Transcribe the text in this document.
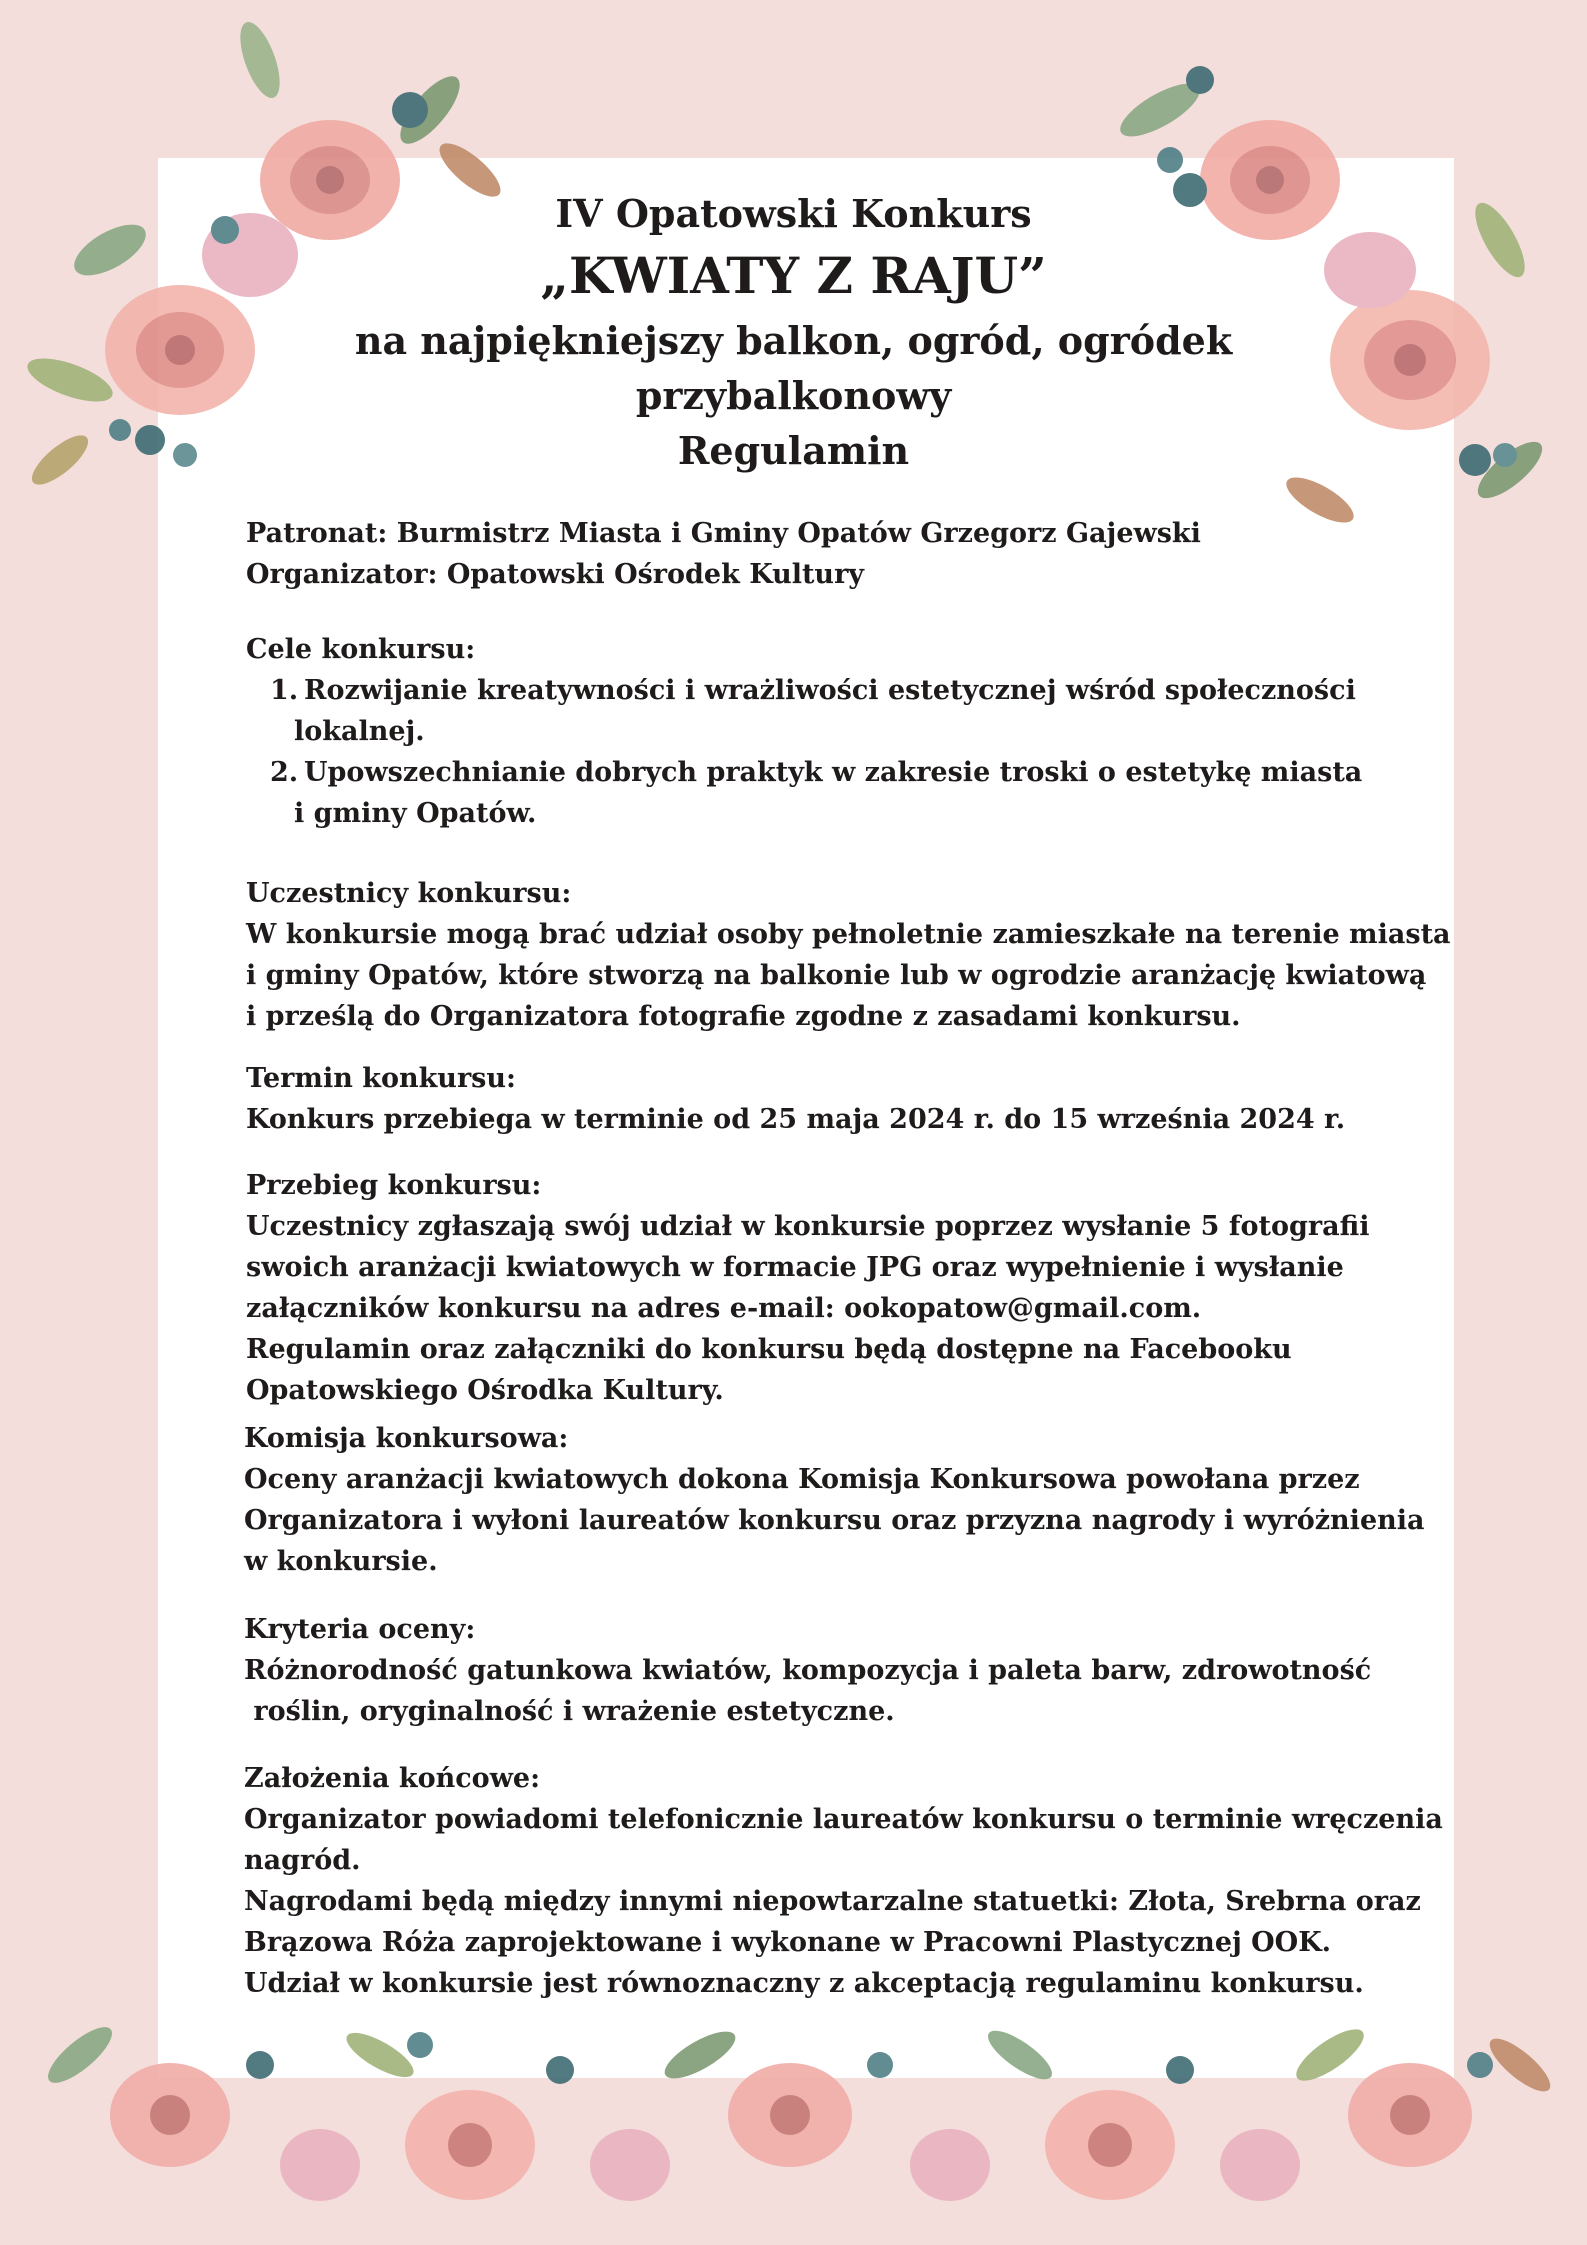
IV Opatowski Konkurs
„KWIATY Z RAJU”
na najpiękniejszy balkon, ogród, ogródek
przybalkonowy
Regulamin
Patronat: Burmistrz Miasta i Gminy Opatów Grzegorz Gajewski
Organizator: Opatowski Ośrodek Kultury
Cele konkursu:
1. Rozwijanie kreatywności i wrażliwości estetycznej wśród społeczności
lokalnej.
2. Upowszechnianie dobrych praktyk w zakresie troski o estetykę miasta
i gminy Opatów.
Uczestnicy konkursu:
W konkursie mogą brać udział osoby pełnoletnie zamieszkałe na terenie miasta
i gminy Opatów, które stworzą na balkonie lub w ogrodzie aranżację kwiatową
i prześlą do Organizatora fotografie zgodne z zasadami konkursu.
Termin konkursu:
Konkurs przebiega w terminie od 25 maja 2024 r. do 15 września 2024 r.
Przebieg konkursu:
Uczestnicy zgłaszają swój udział w konkursie poprzez wysłanie 5 fotografii
swoich aranżacji kwiatowych w formacie JPG oraz wypełnienie i wysłanie
załączników konkursu na adres e-mail: ookopatow@gmail.com.
Regulamin oraz załączniki do konkursu będą dostępne na Facebooku
Opatowskiego Ośrodka Kultury.
Komisja konkursowa:
Oceny aranżacji kwiatowych dokona Komisja Konkursowa powołana przez
Organizatora i wyłoni laureatów konkursu oraz przyzna nagrody i wyróżnienia
w konkursie.
Kryteria oceny:
Różnorodność gatunkowa kwiatów, kompozycja i paleta barw, zdrowotność
roślin, oryginalność i wrażenie estetyczne.
Założenia końcowe:
Organizator powiadomi telefonicznie laureatów konkursu o terminie wręczenia
nagród.
Nagrodami będą między innymi niepowtarzalne statuetki: Złota, Srebrna oraz
Brązowa Róża zaprojektowane i wykonane w Pracowni Plastycznej OOK.
Udział w konkursie jest równoznaczny z akceptacją regulaminu konkursu.
